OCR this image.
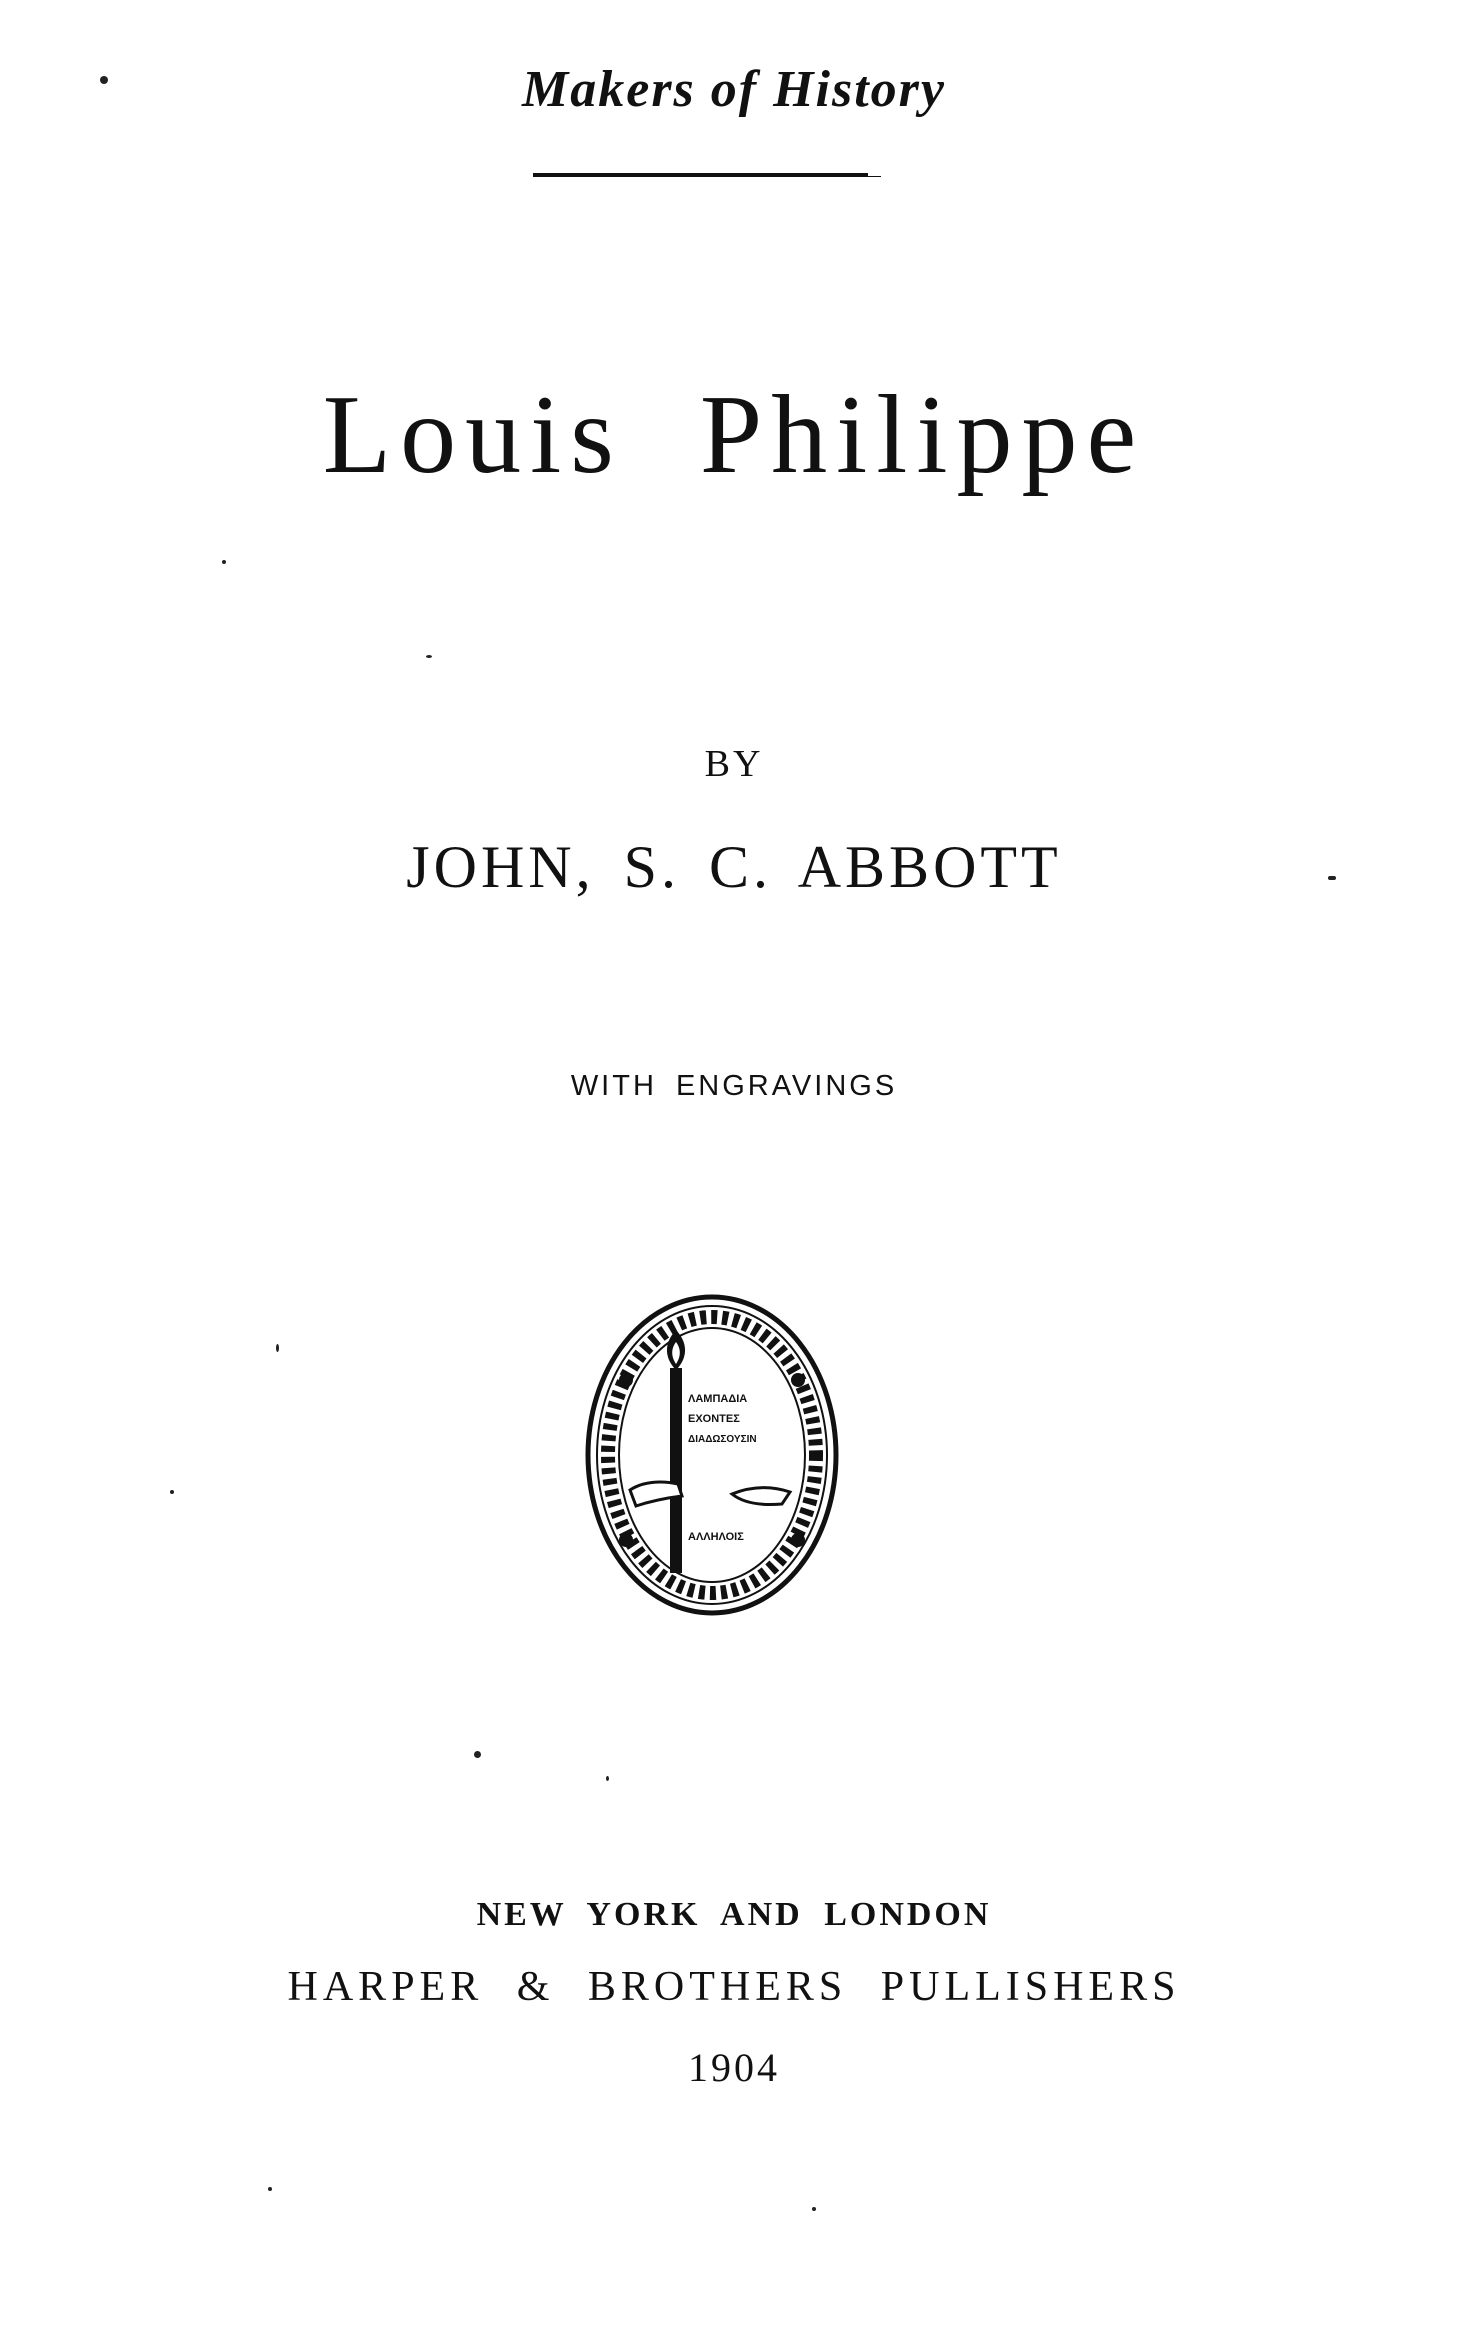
Makers of History
Louis Philippe
BY
JOHN, S. C. ABBOTT
WITH ENGRAVINGS
ΛΑΜΠΑΔΙΑ
ΕΧΟΝΤΕΣ
ΔΙΑΔΩΣΟΥΣΙΝ
ΑΛΛΗΛΟΙΣ
NEW YORK AND LONDON
HARPER & BROTHERS PULLISHERS
1904
